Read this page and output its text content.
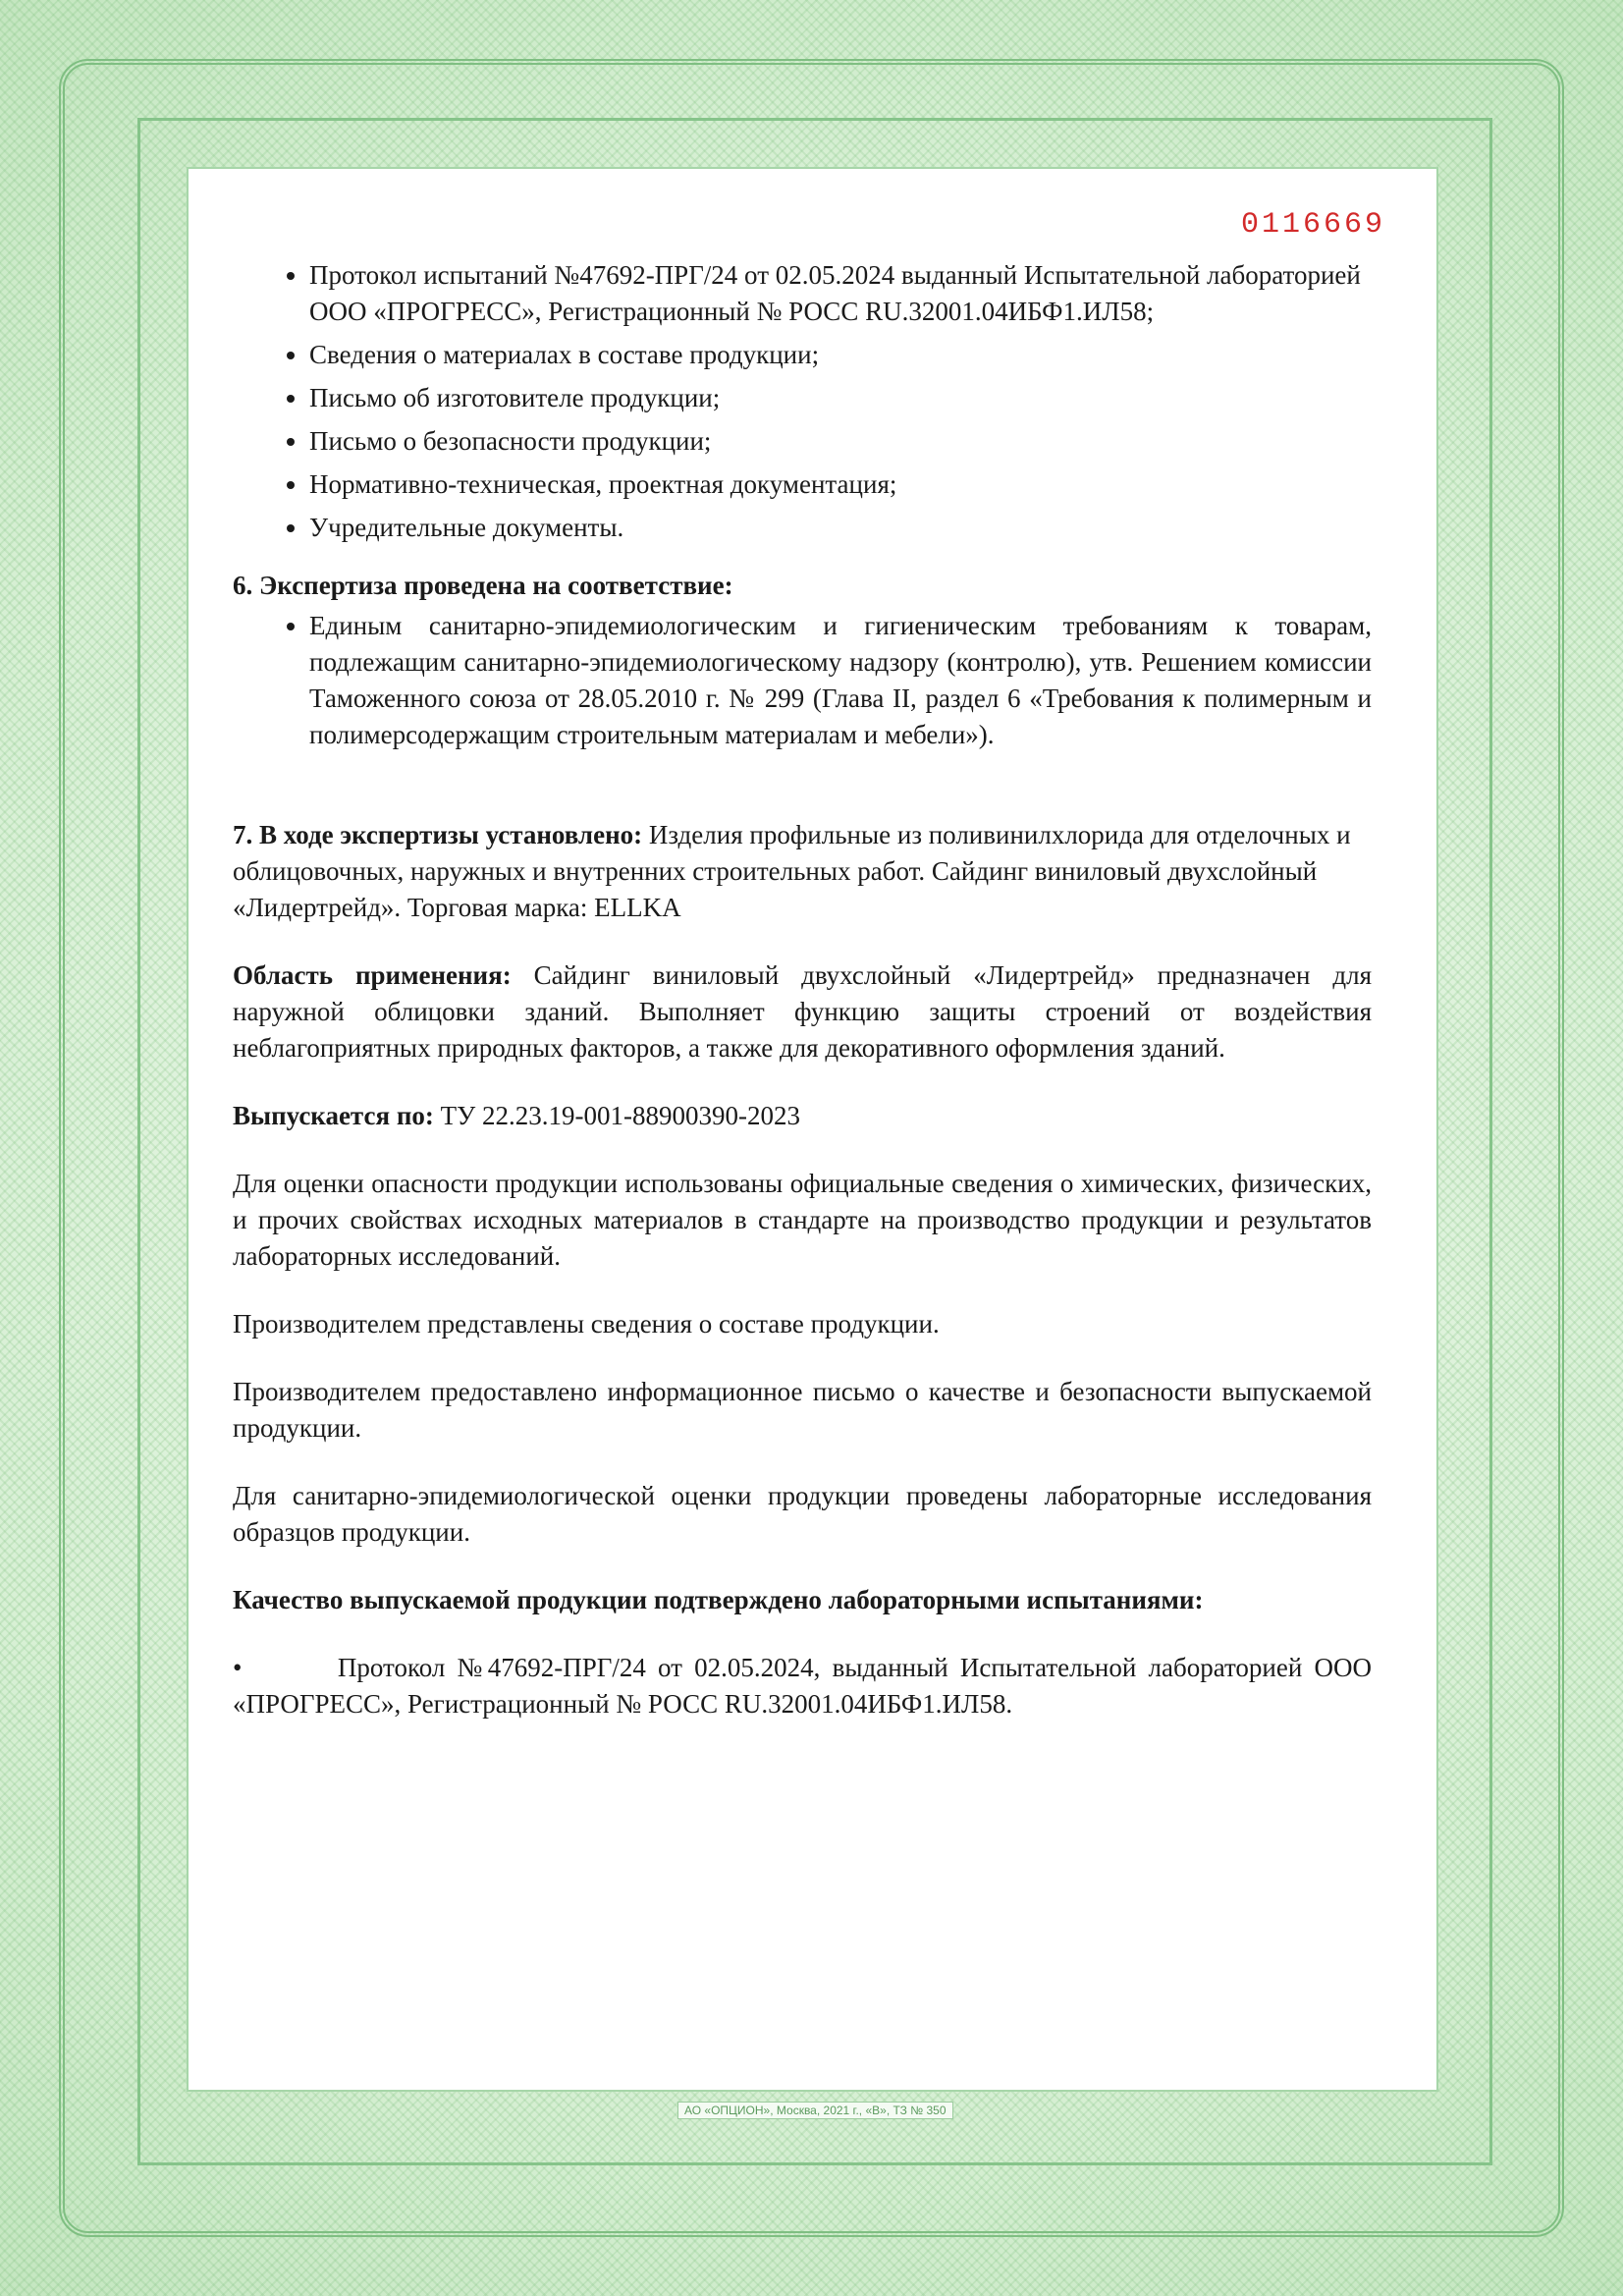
0116669
• Протокол испытаний №47692-ПРГ/24 от 02.05.2024 выданный Испытательной лабораторией ООО «ПРОГРЕСС», Регистрационный № РОСС RU.32001.04ИБФ1.ИЛ58;
• Сведения о материалах в составе продукции;
• Письмо об изготовителе продукции;
• Письмо о безопасности продукции;
• Нормативно-техническая, проектная документация;
• Учредительные документы.
6. Экспертиза проведена на соответствие:
• Единым санитарно-эпидемиологическим и гигиеническим требованиям к товарам, подлежащим санитарно-эпидемиологическому надзору (контролю), утв. Решением комиссии Таможенного союза от 28.05.2010 г. № 299 (Глава II, раздел 6 «Требования к полимерным и полимерсодержащим строительным материалам и мебели»).

7. В ходе экспертизы установлено: Изделия профильные из поливинилхлорида для отделочных и облицовочных, наружных и внутренних строительных работ. Сайдинг виниловый двухслойный «Лидертрейд». Торговая марка: ELLKA

Область применения: Сайдинг виниловый двухслойный «Лидертрейд» предназначен для наружной облицовки зданий. Выполняет функцию защиты строений от воздействия неблагоприятных природных факторов, а также для декоративного оформления зданий.

Выпускается по: ТУ 22.23.19-001-88900390-2023

Для оценки опасности продукции использованы официальные сведения о химических, физических, и прочих свойствах исходных материалов в стандарте на производство продукции и результатов лабораторных исследований.

Производителем представлены сведения о составе продукции.

Производителем предоставлено информационное письмо о качестве и безопасности выпускаемой продукции.

Для санитарно-эпидемиологической оценки продукции проведены лабораторные исследования образцов продукции.

Качество выпускаемой продукции подтверждено лабораторными испытаниями:

•	Протокол №47692-ПРГ/24 от 02.05.2024, выданный Испытательной лабораторией ООО «ПРОГРЕСС», Регистрационный № РОСС RU.32001.04ИБФ1.ИЛ58.

АО «ОПЦИОН», Москва, 2021 г., «В», ТЗ № 350
